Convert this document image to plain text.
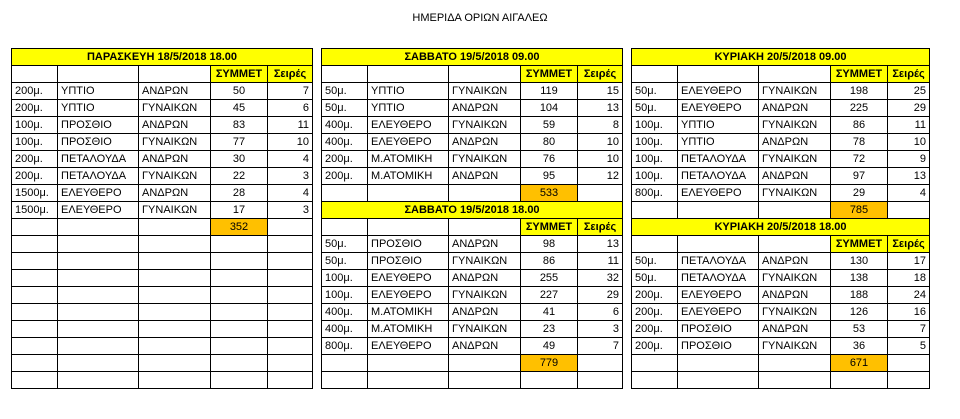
ΗΜΕΡΙΔΑ ΟΡΙΩΝ ΑΙΓΑΛΕΩ
ΠΑΡΑΣΚΕΥΗ 18/5/2018 18.00						ΣΑΒΒΑΤΟ 19/5/2018 09.00						ΚΥΡΙΑΚΗ 20/5/2018 09.00				
			ΣΥΜΜΕΤ	Σειρές					ΣΥΜΜΕΤ	Σειρές					ΣΥΜΜΕΤ	Σειρές
200μ.	ΥΠΤΙΟ	ΑΝΔΡΩΝ	50	7		50μ.	ΥΠΤΙΟ	ΓΥΝΑΙΚΩΝ	119	15		50μ.	ΕΛΕΥΘΕΡΟ	ΓΥΝΑΙΚΩΝ	198	25
200μ.	ΥΠΤΙΟ	ΓΥΝΑΙΚΩΝ	45	6		50μ.	ΥΠΤΙΟ	ΑΝΔΡΩΝ	104	13		50μ.	ΕΛΕΥΘΕΡΟ	ΑΝΔΡΩΝ	225	29
100μ.	ΠΡΟΣΘΙΟ	ΑΝΔΡΩΝ	83	11		400μ.	ΕΛΕΥΘΕΡΟ	ΓΥΝΑΙΚΩΝ	59	8		100μ.	ΥΠΤΙΟ	ΓΥΝΑΙΚΩΝ	86	11
100μ.	ΠΡΟΣΘΙΟ	ΓΥΝΑΙΚΩΝ	77	10		400μ.	ΕΛΕΥΘΕΡΟ	ΑΝΔΡΩΝ	80	10		100μ.	ΥΠΤΙΟ	ΑΝΔΡΩΝ	78	10
200μ.	ΠΕΤΑΛΟΥΔΑ	ΑΝΔΡΩΝ	30	4		200μ.	Μ.ΑΤΟΜΙΚΗ	ΓΥΝΑΙΚΩΝ	76	10		100μ.	ΠΕΤΑΛΟΥΔΑ	ΓΥΝΑΙΚΩΝ	72	9
200μ.	ΠΕΤΑΛΟΥΔΑ	ΓΥΝΑΙΚΩΝ	22	3		200μ.	Μ.ΑΤΟΜΙΚΗ	ΑΝΔΡΩΝ	95	12		100μ.	ΠΕΤΑΛΟΥΔΑ	ΑΝΔΡΩΝ	97	13
1500μ.	ΕΛΕΥΘΕΡΟ	ΑΝΔΡΩΝ	28	4					533			800μ.	ΕΛΕΥΘΕΡΟ	ΓΥΝΑΙΚΩΝ	29	4
1500μ.	ΕΛΕΥΘΕΡΟ	ΓΥΝΑΙΚΩΝ	17	3		ΣΑΒΒΑΤΟ 19/5/2018 18.00									785	
			352						ΣΥΜΜΕΤ	Σειρές		ΚΥΡΙΑΚΗ 20/5/2018 18.00				
						50μ.	ΠΡΟΣΘΙΟ	ΑΝΔΡΩΝ	98	13					ΣΥΜΜΕΤ	Σειρές
						50μ.	ΠΡΟΣΘΙΟ	ΓΥΝΑΙΚΩΝ	86	11		50μ.	ΠΕΤΑΛΟΥΔΑ	ΑΝΔΡΩΝ	130	17
						100μ.	ΕΛΕΥΘΕΡΟ	ΑΝΔΡΩΝ	255	32		50μ.	ΠΕΤΑΛΟΥΔΑ	ΓΥΝΑΙΚΩΝ	138	18
						100μ.	ΕΛΕΥΘΕΡΟ	ΓΥΝΑΙΚΩΝ	227	29		200μ.	ΕΛΕΥΘΕΡΟ	ΑΝΔΡΩΝ	188	24
						400μ.	Μ.ΑΤΟΜΙΚΗ	ΑΝΔΡΩΝ	41	6		200μ.	ΕΛΕΥΘΕΡΟ	ΓΥΝΑΙΚΩΝ	126	16
						400μ.	Μ.ΑΤΟΜΙΚΗ	ΓΥΝΑΙΚΩΝ	23	3		200μ.	ΠΡΟΣΘΙΟ	ΑΝΔΡΩΝ	53	7
						800μ.	ΕΛΕΥΘΕΡΟ	ΑΝΔΡΩΝ	49	7		200μ.	ΠΡΟΣΘΙΟ	ΓΥΝΑΙΚΩΝ	36	5
									779						671	
